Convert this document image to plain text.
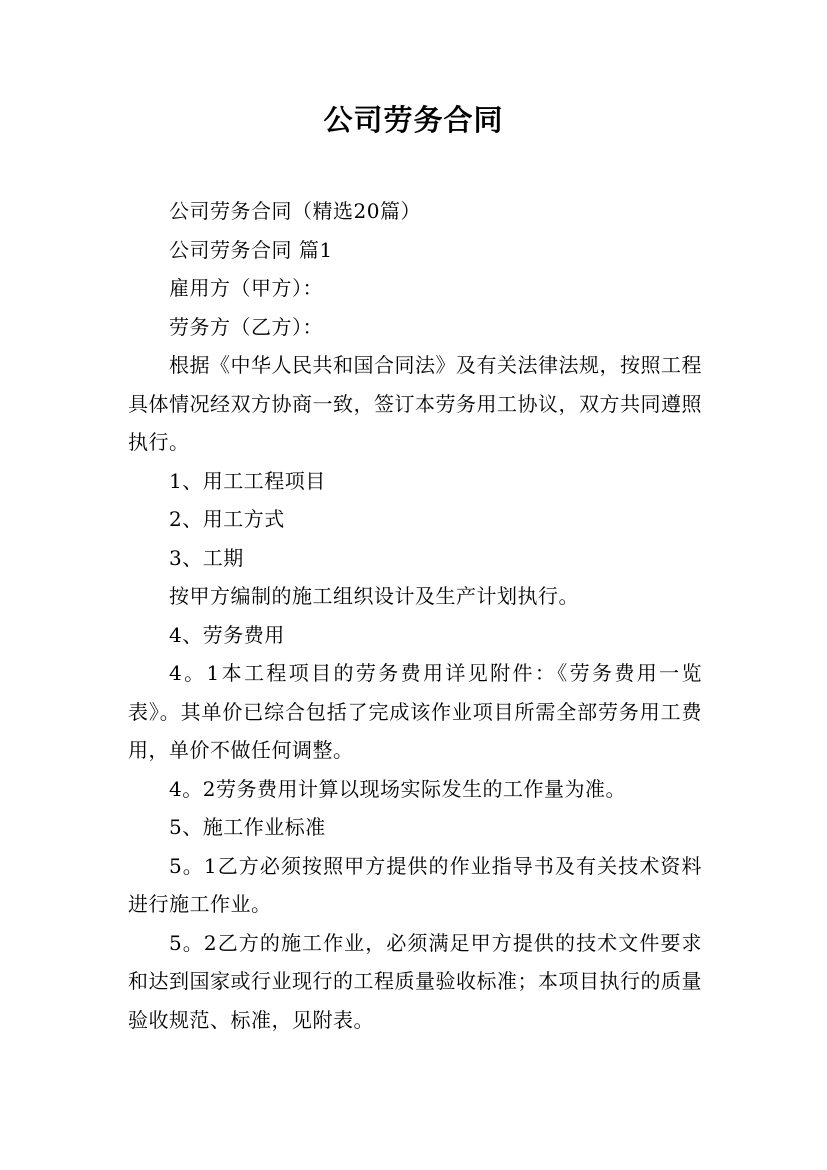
公司劳务合同

公司劳务合同（精选20篇）

公司劳务合同 篇1

雇用方（甲方）：

劳务方（乙方）：

根据《中华人民共和国合同法》及有关法律法规，按照工程具体情况经双方协商一致，签订本劳务用工协议，双方共同遵照执行。

1、用工工程项目

2、用工方式

3、工期

按甲方编制的施工组织设计及生产计划执行。

4、劳务费用

4。1本工程项目的劳务费用详见附件：《劳务费用一览表》。其单价已综合包括了完成该作业项目所需全部劳务用工费用，单价不做任何调整。

4。2劳务费用计算以现场实际发生的工作量为准。

5、施工作业标准

5。1乙方必须按照甲方提供的作业指导书及有关技术资料进行施工作业。

5。2乙方的施工作业，必须满足甲方提供的技术文件要求和达到国家或行业现行的工程质量验收标准；本项目执行的质量验收规范、标准，见附表。
